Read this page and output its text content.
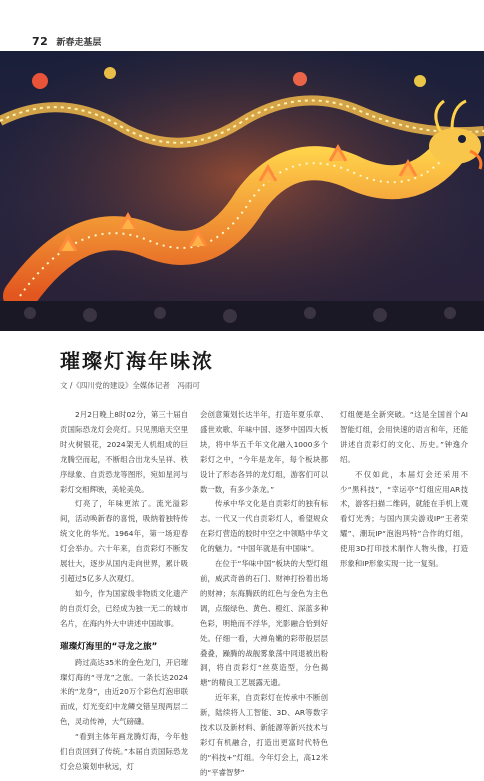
72 新春走基层
璀璨灯海年味浓
文 /《四川党的建设》全媒体记者　冯雨可

2月2日晚上8时02分，第三十届自贡国际恐龙灯会亮灯。只见黑暗天空里时火树银花，2024架无人机组成的巨龙腾空而起，不断组合出龙头呈祥、秩序绿象、自贡恐龙等图形，宛如星河与彩灯交相辉映，美轮美奂。

灯亮了，年味更浓了。流光溢彩间，活动唤新春的喜悦，吸纳着独特传统文化的华光。1964年，第一场迎春灯会举办。六十年来，自贡彩灯不断发展壮大，逐步从国内走向世界，累计吸引超过5亿多人次观灯。

如今，作为国家级非物质文化遗产的自贡灯会，已经成为独一无二的城市名片，在海内外大中讲述中国故事。

璀璨灯海里的“寻龙之旅”

跨过高达35米的金色龙门，开启璀璨灯海的“寻龙”之旅。一条长达2024米的“龙身”，由近20万个彩色灯泡串联而成，灯光变幻中龙鳞交错呈现两层二色，灵动传神，大气磅礴。

“看到主体年画龙腾灯海，今年他们自贡回到了传统。”本届自贡国际恐龙灯会总策划申秋远，灯

会创意策划长达半年，打造年夏乐章、盛世欢歌、年味中国、逐梦中国四大板块，将中华五千年文化融入1000多个彩灯之中，“今年是龙年，每个板块都设计了形态各异的龙灯组，游客们可以数一数，有多少条龙。”

传承中华文化是自贡彩灯的独有标志。一代又一代自贡彩灯人，希望规众在彩灯营造的胶时中空之中领略中华文化的魅力。“中国年就是有中国味”。

在位于“华味中国”板块的大型灯组前，威武奇兽的石门、财神打扮着出场的财神；东海腾跃的红色与金色为主色调，点缀绿色、黄色、橙红、深蓝多种色彩，明艳而不浮华，光影融合恰到好处。仔细一看，大禅角嫩的彩带般层层叠叠，躁腾的战舰雾象荡中同退被出粉洞，将自贡彩灯“丝莫造型，分色揭塘”的精良工艺展露无遗。

近年来，自贡彩灯在传承中不断创新，陆续将人工智能、3D、AR等数字技术以及新材料、新能源等新兴技术与彩灯有机融合，打造出更富时代特色的“科技+”灯组。今年灯会上，高12米的“平睿智梦”

灯组便是全新突破。“这是全国首个AI智能灯组，会用快速的语言和年，还能讲述自贡彩灯的文化、历史。”钟逸介绍。

不仅如此，本届灯会还采用不少“黑科技”，“幸运亭”灯组应用AR技术，游客扫描二维码，就能在手机上观看灯光秀；与国内顶尖游戏IP“王者荣耀”、潮玩IP“泡泡玛特”合作的灯组，使用3D打印技术制作人物头像，打造形象和IP形象实现一比一复刻。
